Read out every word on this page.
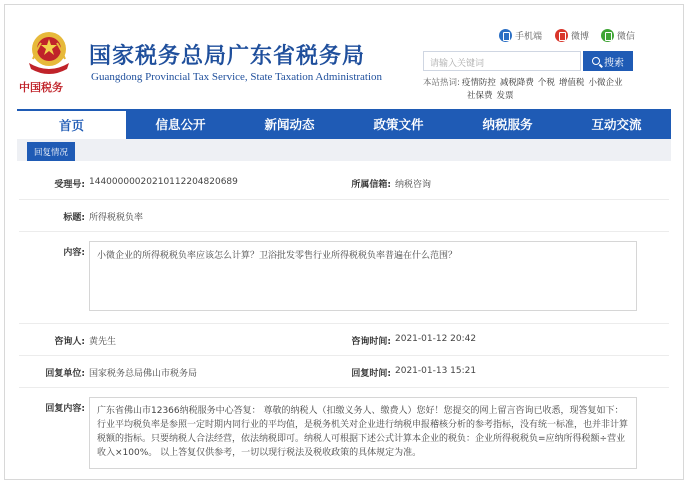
中国税务
国家税务总局广东省税务局
Guangdong Provincial Tax Service, State Taxation Administration
手机端	微博	微信
请输入关键词	搜索
本站热词: 疫情防控 减税降费 个税 增值税 小微企业
社保费 发票
首页	信息公开	新闻动态	政策文件	纳税服务	互动交流
回复情况
受理号: 1440000002021011220482068​9	所属信箱: 纳税咨询
标题: 所得税税负率
内容:	小微企业的所得税税负率应该怎么计算？卫浴批发零售行业所得税税负率普遍在什么范围？
咨询人: 黄先生	咨询时间: 2021-01-12 20:42
回复单位: 国家税务总局佛山市税务局	回复时间: 2021-01-13 15:21
回复内容:	广东省佛山市12366纳税服务中心答复： 尊敬的纳税人（扣缴义务人、缴费人）您好！您提交的网上留言咨询已收悉，现答复如下： 行业平均税负率是参照一定时期内同行业的平均值，是税务机关对企业进行纳税申报稽核分析的参考指标，没有统一标准，也并非计算税额的指标。只要纳税人合法经营，依法纳税即可。纳税人可根据下述公式计算本企业的税负：企业所得税税负=应纳所得税额÷营业收入×100%。 以上答复仅供参考，一切以现行税法及税收政策的具体规定为准。
